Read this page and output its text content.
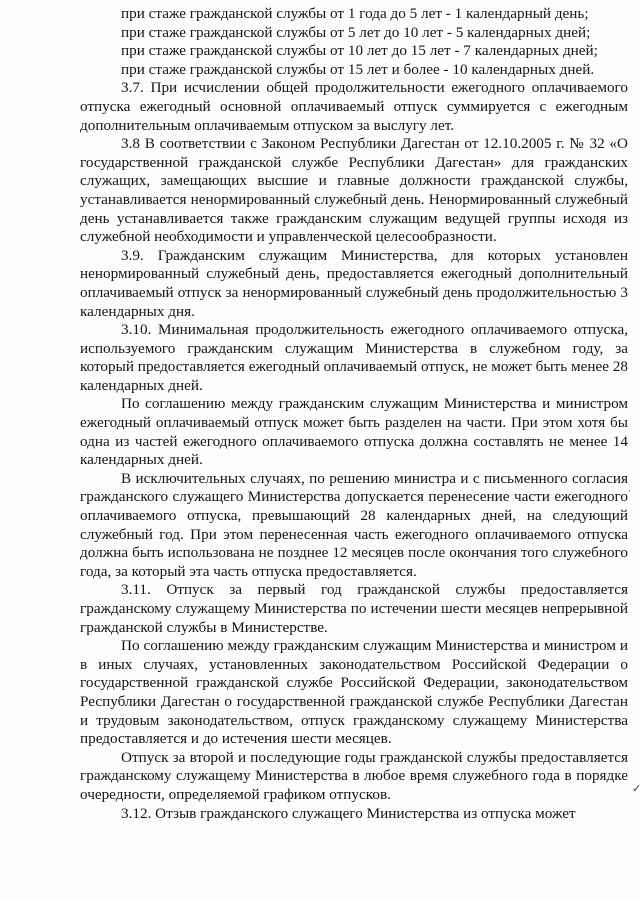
при стаже гражданской службы от 1 года до 5 лет - 1 календарный день;

при стаже гражданской службы от 5 лет до 10 лет - 5 календарных дней;

при стаже гражданской службы от 10 лет до 15 лет - 7 календарных дней;

при стаже гражданской службы от 15 лет и более - 10 календарных дней.

3.7. При исчислении общей продолжительности ежегодного оплачиваемого отпуска ежегодный основной оплачиваемый отпуск суммируется с ежегодным дополнительным оплачиваемым отпуском за выслугу лет.

3.8 В соответствии с Законом Республики Дагестан от 12.10.2005 г. № 32 «О государственной гражданской службе Республики Дагестан» для гражданских служащих, замещающих высшие и главные должности гражданской службы, устанавливается ненормированный служебный день. Ненормированный служебный день устанавливается также гражданским служащим ведущей группы исходя из служебной необходимости и управленческой целесообразности.

3.9. Гражданским служащим Министерства, для которых установлен ненормированный служебный день, предоставляется ежегодный дополнительный оплачиваемый отпуск за ненормированный служебный день продолжительностью 3 календарных дня.

3.10. Минимальная продолжительность ежегодного оплачиваемого отпуска, используемого гражданским служащим Министерства в служебном году, за который предоставляется ежегодный оплачиваемый отпуск, не может быть менее 28 календарных дней.

По соглашению между гражданским служащим Министерства и министром ежегодный оплачиваемый отпуск может быть разделен на части. При этом хотя бы одна из частей ежегодного оплачиваемого отпуска должна составлять не менее 14 календарных дней.

В исключительных случаях, по решению министра и с письменного согласия гражданского служащего Министерства допускается перенесение части ежегодного оплачиваемого отпуска, превышающий 28 календарных дней, на следующий служебный год. При этом перенесенная часть ежегодного оплачиваемого отпуска должна быть использована не позднее 12 месяцев после окончания того служебного года, за который эта часть отпуска предоставляется.

3.11. Отпуск за первый год гражданской службы предоставляется гражданскому служащему Министерства по истечении шести месяцев непрерывной гражданской службы в Министерстве.

По соглашению между гражданским служащим Министерства и министром и в иных случаях, установленных законодательством Российской Федерации о государственной гражданской службе Российской Федерации, законодательством Республики Дагестан о государственной гражданской службе Республики Дагестан и трудовым законодательством, отпуск гражданскому служащему Министерства предоставляется и до истечения шести месяцев.

Отпуск за второй и последующие годы гражданской службы предоставляется гражданскому служащему Министерства в любое время служебного года в порядке очередности, определяемой графиком отпусков.

3.12. Отзыв гражданского служащего Министерства из отпуска может

·
✓
